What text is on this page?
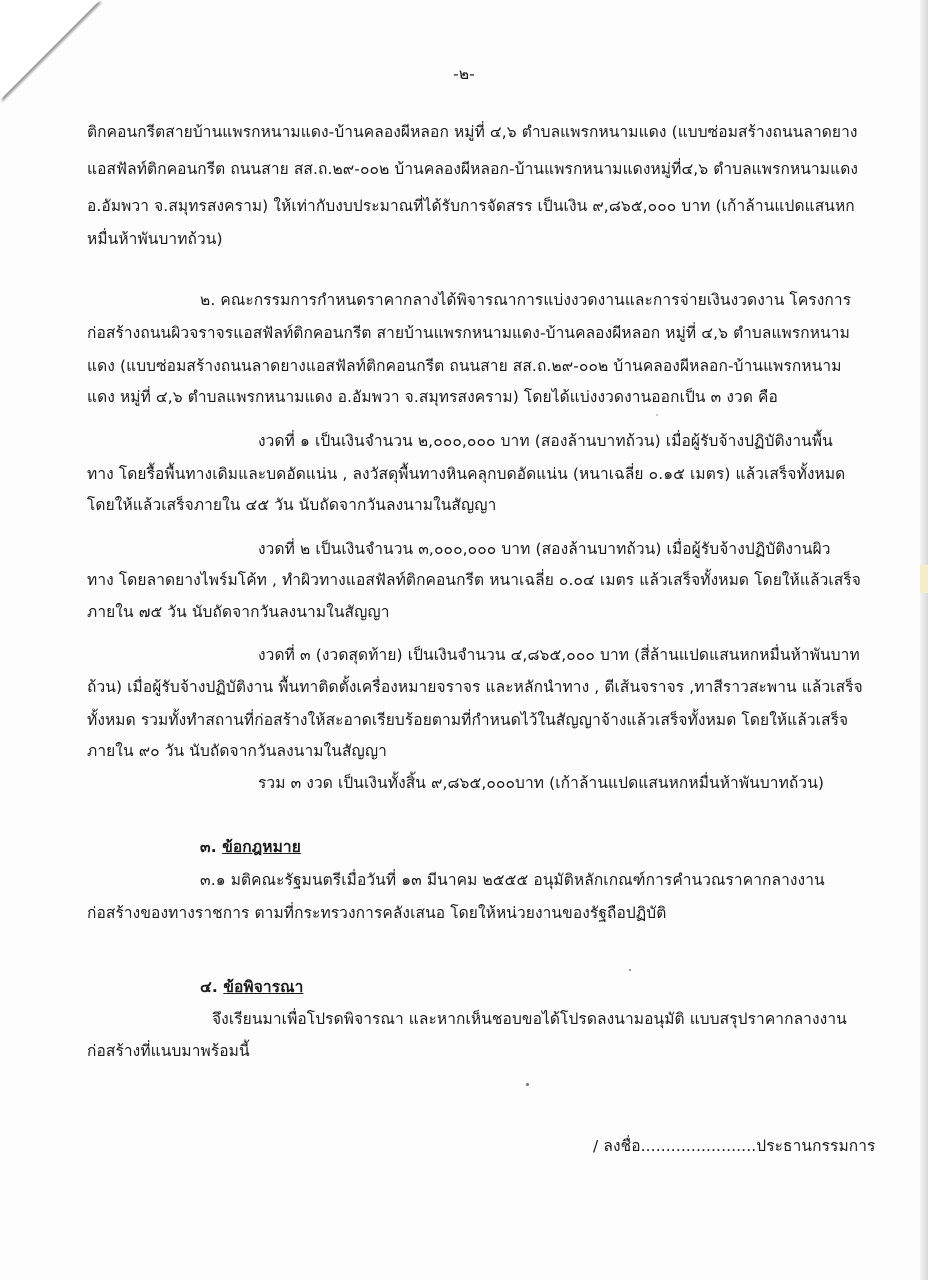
-๒-
ติกคอนกรีตสายบ้านแพรกหนามแดง-บ้านคลองผีหลอก หมู่ที่ ๔,๖ ตำบลแพรกหนามแดง (แบบซ่อมสร้างถนนลาดยาง
แอสฟัลท์ติกคอนกรีต ถนนสาย สส.ถ.๒๙-๐๐๒ บ้านคลองผีหลอก-บ้านแพรกหนามแดงหมู่ที่๔,๖ ตำบลแพรกหนามแดง
อ.อัมพวา จ.สมุทรสงคราม) ให้เท่ากับงบประมาณที่ได้รับการจัดสรร เป็นเงิน ๙,๘๖๕,๐๐๐ บาท (เก้าล้านแปดแสนหก
หมื่นห้าพันบาทถ้วน)
๒. คณะกรรมการกำหนดราคากลางได้พิจารณาการแบ่งงวดงานและการจ่ายเงินงวดงาน โครงการ
ก่อสร้างถนนผิวจราจรแอสฟัลท์ติกคอนกรีต สายบ้านแพรกหนามแดง-บ้านคลองผีหลอก หมู่ที่ ๔,๖ ตำบลแพรกหนาม
แดง (แบบซ่อมสร้างถนนลาดยางแอสฟัลท์ติกคอนกรีต ถนนสาย สส.ถ.๒๙-๐๐๒ บ้านคลองผีหลอก-บ้านแพรกหนาม
แดง หมู่ที่ ๔,๖ ตำบลแพรกหนามแดง อ.อัมพวา จ.สมุทรสงคราม) โดยได้แบ่งงวดงานออกเป็น ๓ งวด คือ
งวดที่ ๑ เป็นเงินจำนวน ๒,๐๐๐,๐๐๐ บาท (สองล้านบาทถ้วน) เมื่อผู้รับจ้างปฏิบัติงานพื้น
ทาง โดยรื้อพื้นทางเดิมและบดอัดแน่น , ลงวัสดุพื้นทางหินคลุกบดอัดแน่น (หนาเฉลี่ย ๐.๑๕ เมตร) แล้วเสร็จทั้งหมด
โดยให้แล้วเสร็จภายใน ๔๕ วัน นับถัดจากวันลงนามในสัญญา
งวดที่ ๒ เป็นเงินจำนวน ๓,๐๐๐,๐๐๐ บาท (สองล้านบาทถ้วน) เมื่อผู้รับจ้างปฏิบัติงานผิว
ทาง โดยลาดยางไพร์มโค้ท , ทำผิวทางแอสฟัลท์ติกคอนกรีต หนาเฉลี่ย ๐.๐๔ เมตร แล้วเสร็จทั้งหมด โดยให้แล้วเสร็จ
ภายใน ๗๕ วัน นับถัดจากวันลงนามในสัญญา
งวดที่ ๓ (งวดสุดท้าย) เป็นเงินจำนวน ๔,๘๖๕,๐๐๐ บาท (สี่ล้านแปดแสนหกหมื่นห้าพันบาท
ถ้วน) เมื่อผู้รับจ้างปฏิบัติงาน พื้นทาติดตั้งเครื่องหมายจราจร และหลักนำทาง , ตีเส้นจราจร ,ทาสีราวสะพาน แล้วเสร็จ
ทั้งหมด รวมทั้งทำสถานที่ก่อสร้างให้สะอาดเรียบร้อยตามที่กำหนดไว้ในสัญญาจ้างแล้วเสร็จทั้งหมด โดยให้แล้วเสร็จ
ภายใน ๙๐ วัน นับถัดจากวันลงนามในสัญญา
รวม ๓ งวด เป็นเงินทั้งสิ้น ๙,๘๖๕,๐๐๐บาท (เก้าล้านแปดแสนหกหมื่นห้าพันบาทถ้วน)
๓. ข้อกฎหมาย
๓.๑ มติคณะรัฐมนตรีเมื่อวันที่ ๑๓ มีนาคม ๒๕๕๕ อนุมัติหลักเกณฑ์การคำนวณราคากลางงาน
ก่อสร้างของทางราชการ ตามที่กระทรวงการคลังเสนอ โดยให้หน่วยงานของรัฐถือปฏิบัติ
๔. ข้อพิจารณา
จึงเรียนมาเพื่อโปรดพิจารณา และหากเห็นชอบขอได้โปรดลงนามอนุมัติ แบบสรุปราคากลางงาน
ก่อสร้างที่แนบมาพร้อมนี้
/ ลงชื่อ.......................ประธานกรรมการ
